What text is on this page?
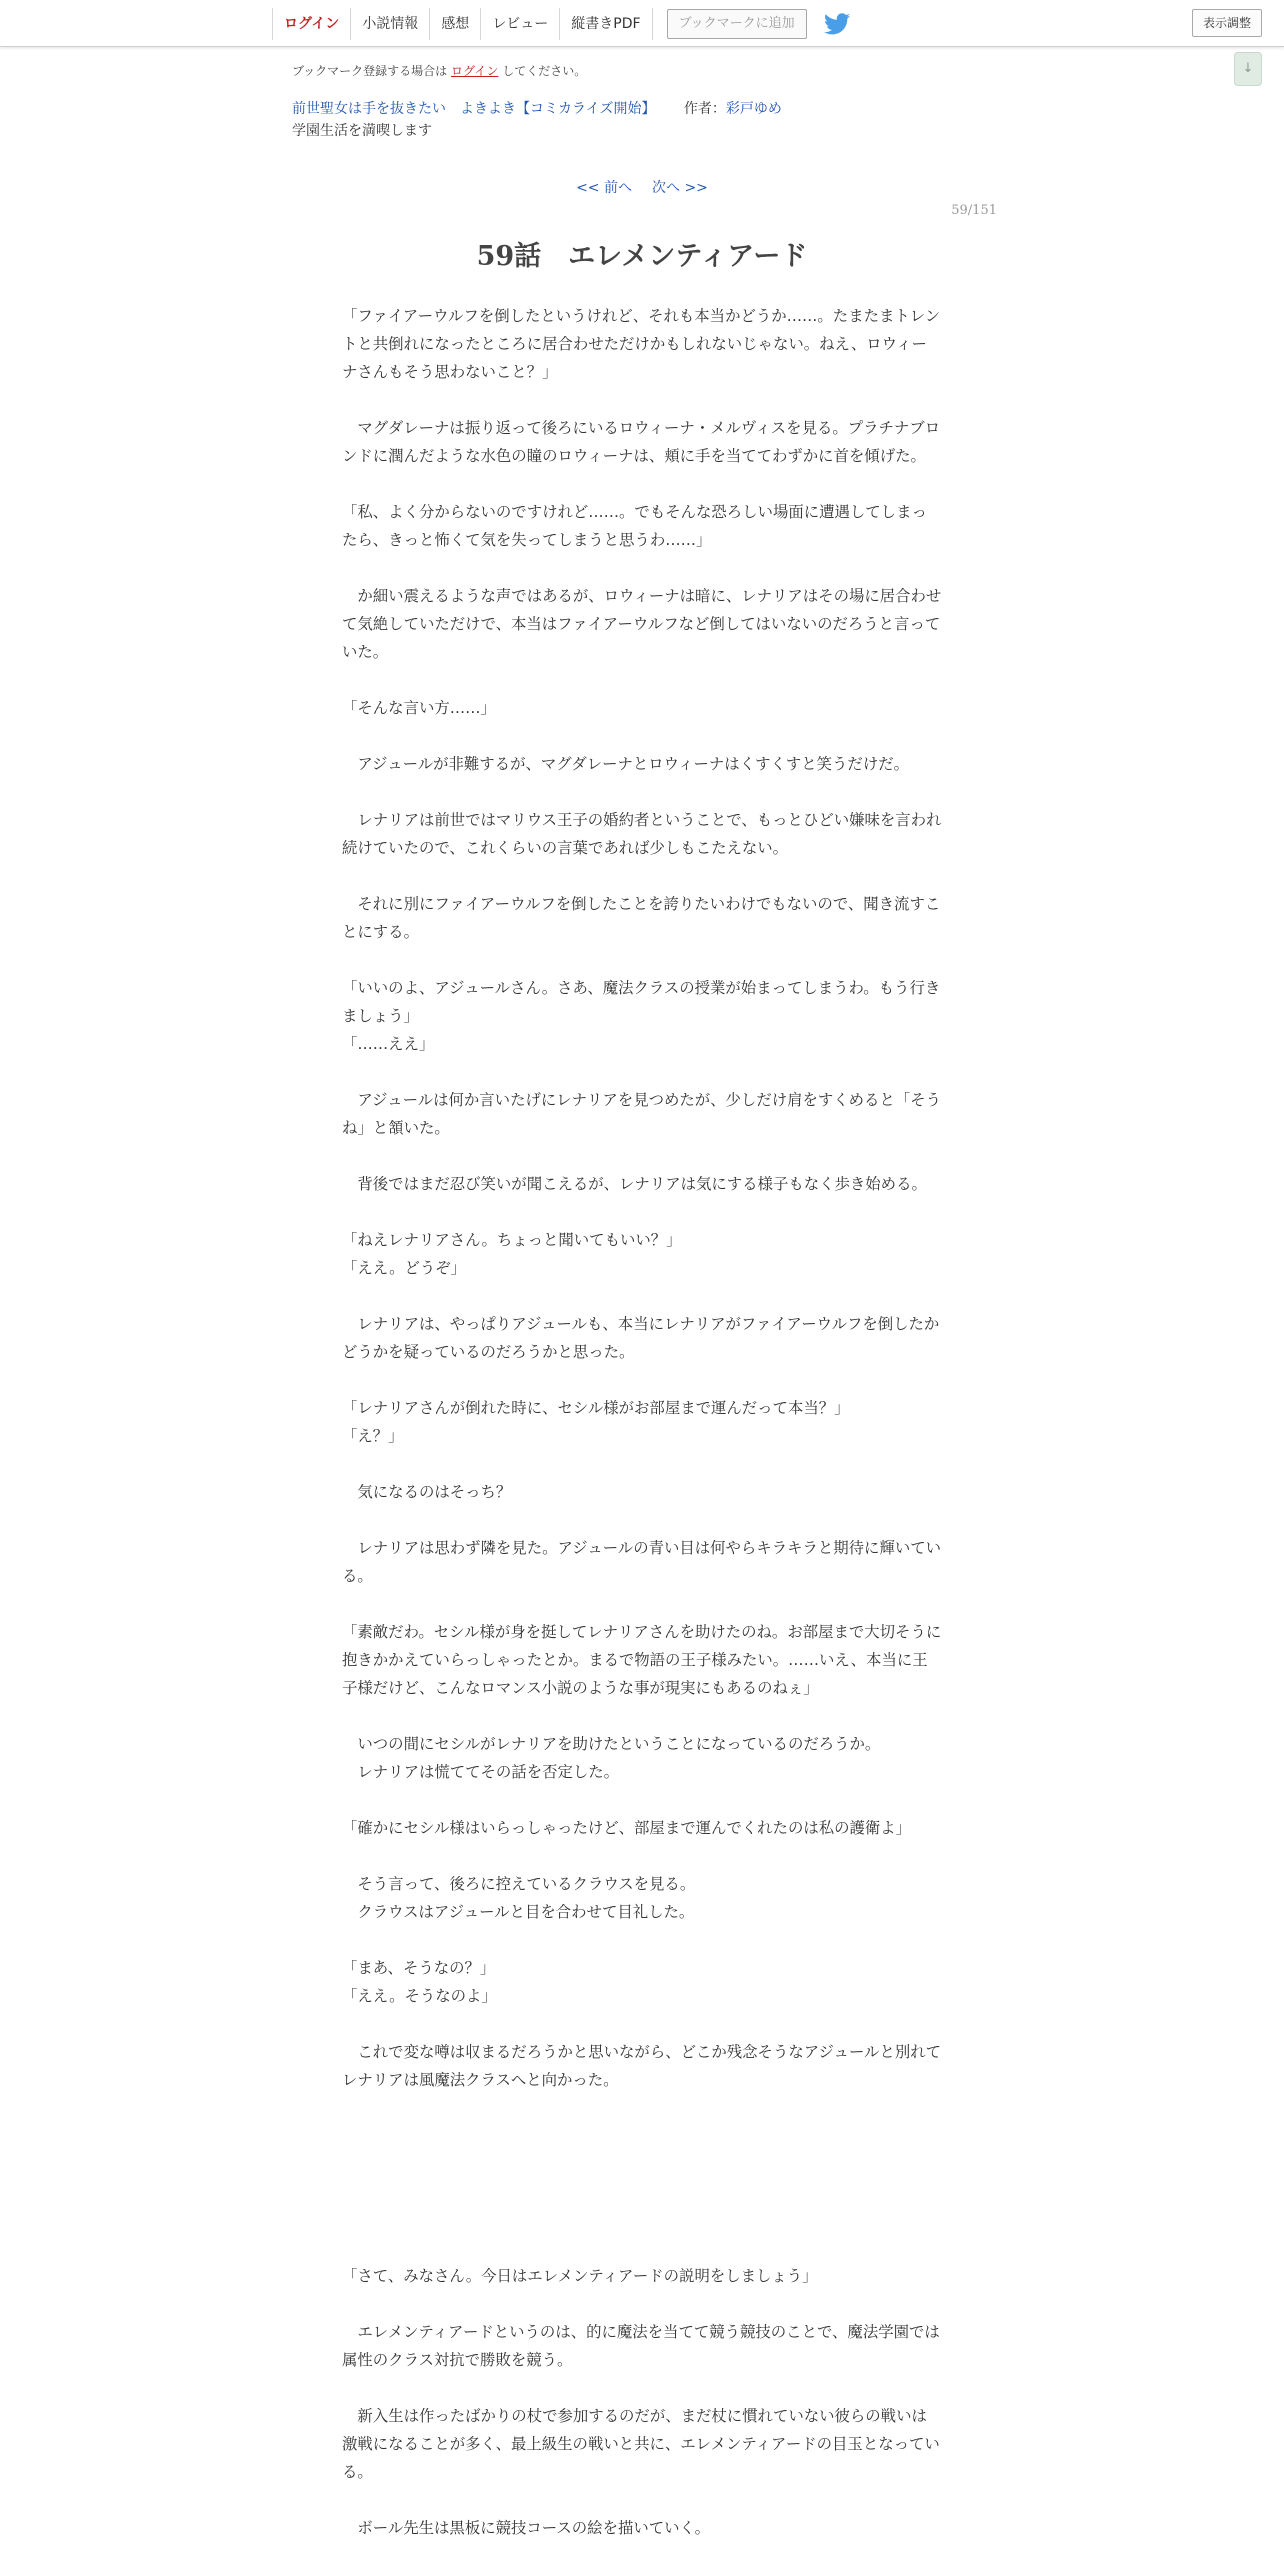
ログイン	小説情報	感想	レビュー	縦書きPDF	ブックマークに追加	表示調整
↓
ブックマーク登録する場合は ログイン してください。
前世聖女は手を抜きたい　よきよき【コミカライズ開始】 作者：彩戸ゆめ
学園生活を満喫します
<< 前へ 次へ >>
59/151
59話　エレメンティアード

「ファイアーウルフを倒したというけれど、それも本当かどうか……。たまたまトレントと共倒れになったところに居合わせただけかもしれないじゃない。ねえ、ロウィーナさんもそう思わないこと？」

　マグダレーナは振り返って後ろにいるロウィーナ・メルヴィスを見る。プラチナブロンドに潤んだような水色の瞳のロウィーナは、頬に手を当ててわずかに首を傾げた。

「私、よく分からないのですけれど……。でもそんな恐ろしい場面に遭遇してしまったら、きっと怖くて気を失ってしまうと思うわ……」

　か細い震えるような声ではあるが、ロウィーナは暗に、レナリアはその場に居合わせて気絶していただけで、本当はファイアーウルフなど倒してはいないのだろうと言っていた。

「そんな言い方……」

　アジュールが非難するが、マグダレーナとロウィーナはくすくすと笑うだけだ。

　レナリアは前世ではマリウス王子の婚約者ということで、もっとひどい嫌味を言われ続けていたので、これくらいの言葉であれば少しもこたえない。

　それに別にファイアーウルフを倒したことを誇りたいわけでもないので、聞き流すことにする。

「いいのよ、アジュールさん。さあ、魔法クラスの授業が始まってしまうわ。もう行きましょう」

「……ええ」

　アジュールは何か言いたげにレナリアを見つめたが、少しだけ肩をすくめると「そうね」と頷いた。

　背後ではまだ忍び笑いが聞こえるが、レナリアは気にする様子もなく歩き始める。

「ねえレナリアさん。ちょっと聞いてもいい？」

「ええ。どうぞ」

　レナリアは、やっぱりアジュールも、本当にレナリアがファイアーウルフを倒したかどうかを疑っているのだろうかと思った。

「レナリアさんが倒れた時に、セシル様がお部屋まで運んだって本当？」

「え？」

　気になるのはそっち？

　レナリアは思わず隣を見た。アジュールの青い目は何やらキラキラと期待に輝いている。

「素敵だわ。セシル様が身を挺してレナリアさんを助けたのね。お部屋まで大切そうに抱きかかえていらっしゃったとか。まるで物語の王子様みたい。……いえ、本当に王子様だけど、こんなロマンス小説のような事が現実にもあるのねぇ」

　いつの間にセシルがレナリアを助けたということになっているのだろうか。

　レナリアは慌ててその話を否定した。

「確かにセシル様はいらっしゃったけど、部屋まで運んでくれたのは私の護衛よ」

　そう言って、後ろに控えているクラウスを見る。

　クラウスはアジュールと目を合わせて目礼した。

「まあ、そうなの？」

「ええ。そうなのよ」

　これで変な噂は収まるだろうかと思いながら、どこか残念そうなアジュールと別れてレナリアは風魔法クラスへと向かった。

「さて、みなさん。今日はエレメンティアードの説明をしましょう」

　エレメンティアードというのは、的に魔法を当てて競う競技のことで、魔法学園では属性のクラス対抗で勝敗を競う。

　新入生は作ったばかりの杖で参加するのだが、まだ杖に慣れていない彼らの戦いは激戦になることが多く、最上級生の戦いと共に、エレメンティアードの目玉となっている。

　ボール先生は黒板に競技コースの絵を描いていく。
